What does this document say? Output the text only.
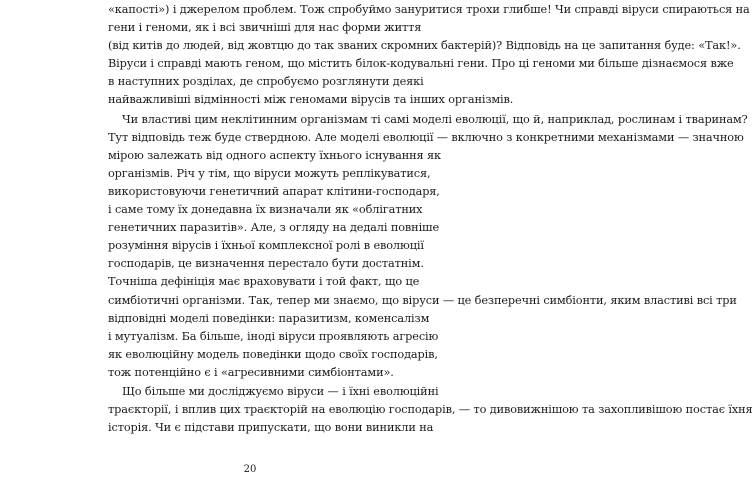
«капості») і джерелом проблем. Тож спробуймо зануритися трохи глибше! Чи справді віруси спираються на
гени і геноми, як і всі звичніші для нас форми життя
(від китів до людей, від жовтцю до так званих скромних бактерій)? Відповідь на це запитання буде: «Так!».
Віруси і справді мають геном, що містить білок-кодувальні гени. Про ці геноми ми більше дізнаємося вже
в наступних розділах, де спробуємо розглянути деякі
найважливіші відмінності між геномами вірусів та інших організмів.
Чи властиві цим неклітинним організмам ті самі моделі еволюції, що й, наприклад, рослинам і тваринам?
Тут відповідь теж буде ствердною. Але моделі еволюції — включно з конкретними механізмами — значною
мірою залежать від одного аспекту їхнього існування як
організмів. Річ у тім, що віруси можуть реплікуватися,
використовуючи генетичний апарат клітини-господаря,
і саме тому їх донедавна їх визначали як «облігатних
генетичних паразитів». Але, з огляду на дедалі повніше
розуміння вірусів і їхньої комплексної ролі в еволюції
господарів, це визначення перестало бути достатнім.
Точніша дефініція має враховувати і той факт, що це
симбіотичні організми. Так, тепер ми знаємо, що віруси — це безперечні симбіонти, яким властиві всі три
відповідні моделі поведінки: паразитизм, коменсалізм
і мутуалізм. Ба більше, іноді віруси проявляють агресію
як еволюційну модель поведінки щодо своїх господарів,
тож потенційно є і «агресивними симбіонтами».
Що більше ми досліджуємо віруси — і їхні еволюційні
траєкторії, і вплив цих траєкторій на еволюцію господарів, — то дивовижнішою та захопливішою постає їхня
історія. Чи є підстави припускати, що вони виникли на
20
